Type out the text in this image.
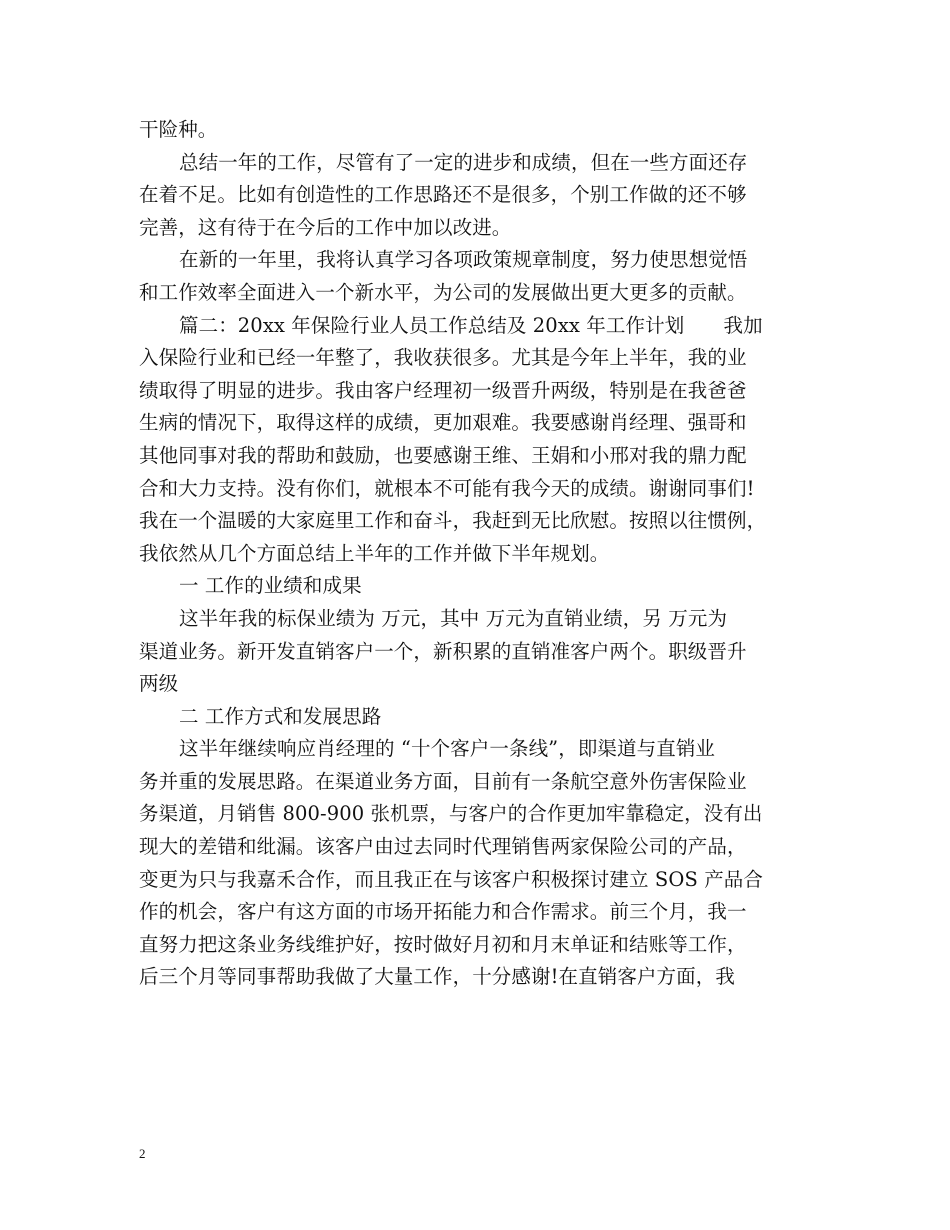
干险种。
总结一年的工作，尽管有了一定的进步和成绩，但在一些方面还存
在着不足。比如有创造性的工作思路还不是很多，个别工作做的还不够
完善，这有待于在今后的工作中加以改进。
在新的一年里，我将认真学习各项政策规章制度，努力使思想觉悟
和工作效率全面进入一个新水平，为公司的发展做出更大更多的贡献。
篇二：20xx 年保险行业人员工作总结及 20xx 年工作计划　　我加
入保险行业和已经一年整了，我收获很多。尤其是今年上半年，我的业
绩取得了明显的进步。我由客户经理初一级晋升两级，特别是在我爸爸
生病的情况下，取得这样的成绩，更加艰难。我要感谢肖经理、强哥和
其他同事对我的帮助和鼓励，也要感谢王维、王娟和小邢对我的鼎力配
合和大力支持。没有你们，就根本不可能有我今天的成绩。谢谢同事们!
我在一个温暖的大家庭里工作和奋斗，我赶到无比欣慰。按照以往惯例，
我依然从几个方面总结上半年的工作并做下半年规划。
一 工作的业绩和成果
这半年我的标保业绩为 万元，其中 万元为直销业绩，另 万元为
渠道业务。新开发直销客户一个，新积累的直销准客户两个。职级晋升
两级
二 工作方式和发展思路
这半年继续响应肖经理的 “十个客户一条线”，即渠道与直销业
务并重的发展思路。在渠道业务方面，目前有一条航空意外伤害保险业
务渠道，月销售 800-900 张机票，与客户的合作更加牢靠稳定，没有出
现大的差错和纰漏。该客户由过去同时代理销售两家保险公司的产品，
变更为只与我嘉禾合作，而且我正在与该客户积极探讨建立 SOS 产品合
作的机会，客户有这方面的市场开拓能力和合作需求。前三个月，我一
直努力把这条业务线维护好，按时做好月初和月末单证和结账等工作，
后三个月等同事帮助我做了大量工作，十分感谢!在直销客户方面，我
2
